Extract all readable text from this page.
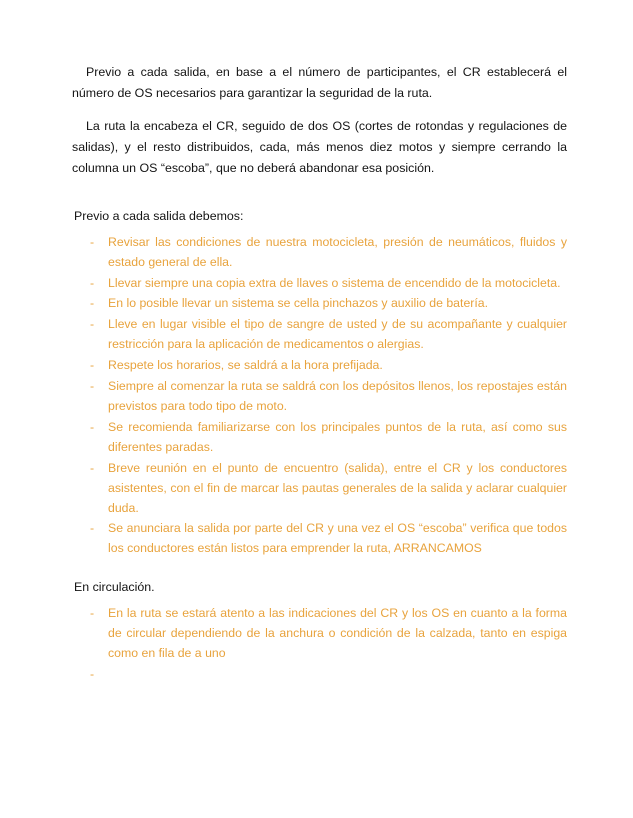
Previo a cada salida, en base a el número de participantes, el CR establecerá el número de OS necesarios para garantizar la seguridad de la ruta.

La ruta la encabeza el CR, seguido de dos OS (cortes de rotondas y regulaciones de salidas), y el resto distribuidos, cada, más menos diez motos y siempre cerrando la columna un OS “escoba”, que no deberá abandonar esa posición.

Previo a cada salida debemos:
- Revisar las condiciones de nuestra motocicleta, presión de neumáticos, fluidos y estado general de ella.
- Llevar siempre una copia extra de llaves o sistema de encendido de la motocicleta.
- En lo posible llevar un sistema se cella pinchazos y auxilio de batería.
- Lleve en lugar visible el tipo de sangre de usted y de su acompañante y cualquier restricción para la aplicación de medicamentos o alergias.
- Respete los horarios, se saldrá a la hora prefijada.
- Siempre al comenzar la ruta se saldrá con los depósitos llenos, los repostajes están previstos para todo tipo de moto.
- Se recomienda familiarizarse con los principales puntos de la ruta, así como sus diferentes paradas.
- Breve reunión en el punto de encuentro (salida), entre el CR y los conductores asistentes, con el fin de marcar las pautas generales de la salida y aclarar cualquier duda.
- Se anunciara la salida por parte del CR y una vez el OS “escoba” verifica que todos los conductores están listos para emprender la ruta, ARRANCAMOS
En circulación.
- En la ruta se estará atento a las indicaciones del CR y los OS en cuanto a la forma de circular dependiendo de la anchura o condición de la calzada, tanto en espiga como en fila de a uno
-
